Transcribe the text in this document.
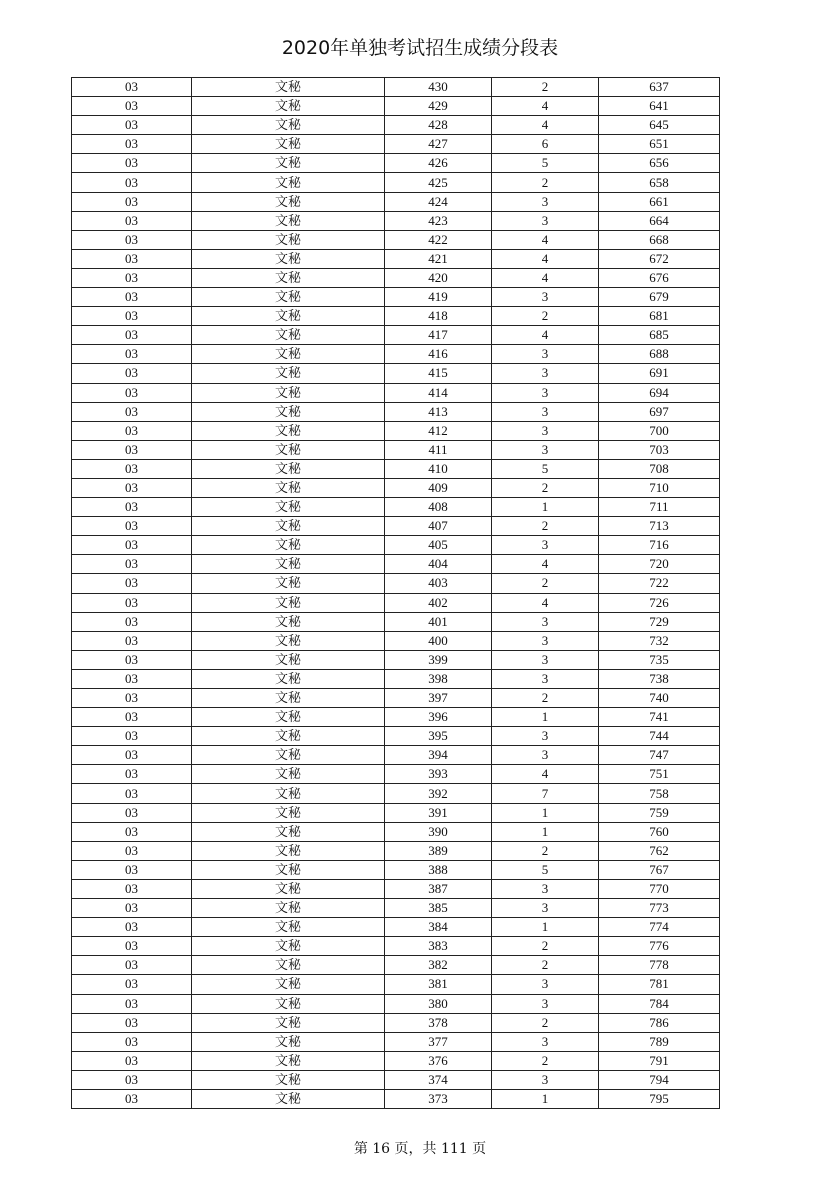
2020年单独考试招生成绩分段表
03	文秘	430	2	637
03	文秘	429	4	641
03	文秘	428	4	645
03	文秘	427	6	651
03	文秘	426	5	656
03	文秘	425	2	658
03	文秘	424	3	661
03	文秘	423	3	664
03	文秘	422	4	668
03	文秘	421	4	672
03	文秘	420	4	676
03	文秘	419	3	679
03	文秘	418	2	681
03	文秘	417	4	685
03	文秘	416	3	688
03	文秘	415	3	691
03	文秘	414	3	694
03	文秘	413	3	697
03	文秘	412	3	700
03	文秘	411	3	703
03	文秘	410	5	708
03	文秘	409	2	710
03	文秘	408	1	711
03	文秘	407	2	713
03	文秘	405	3	716
03	文秘	404	4	720
03	文秘	403	2	722
03	文秘	402	4	726
03	文秘	401	3	729
03	文秘	400	3	732
03	文秘	399	3	735
03	文秘	398	3	738
03	文秘	397	2	740
03	文秘	396	1	741
03	文秘	395	3	744
03	文秘	394	3	747
03	文秘	393	4	751
03	文秘	392	7	758
03	文秘	391	1	759
03	文秘	390	1	760
03	文秘	389	2	762
03	文秘	388	5	767
03	文秘	387	3	770
03	文秘	385	3	773
03	文秘	384	1	774
03	文秘	383	2	776
03	文秘	382	2	778
03	文秘	381	3	781
03	文秘	380	3	784
03	文秘	378	2	786
03	文秘	377	3	789
03	文秘	376	2	791
03	文秘	374	3	794
03	文秘	373	1	795
第 16 页，共 111 页
